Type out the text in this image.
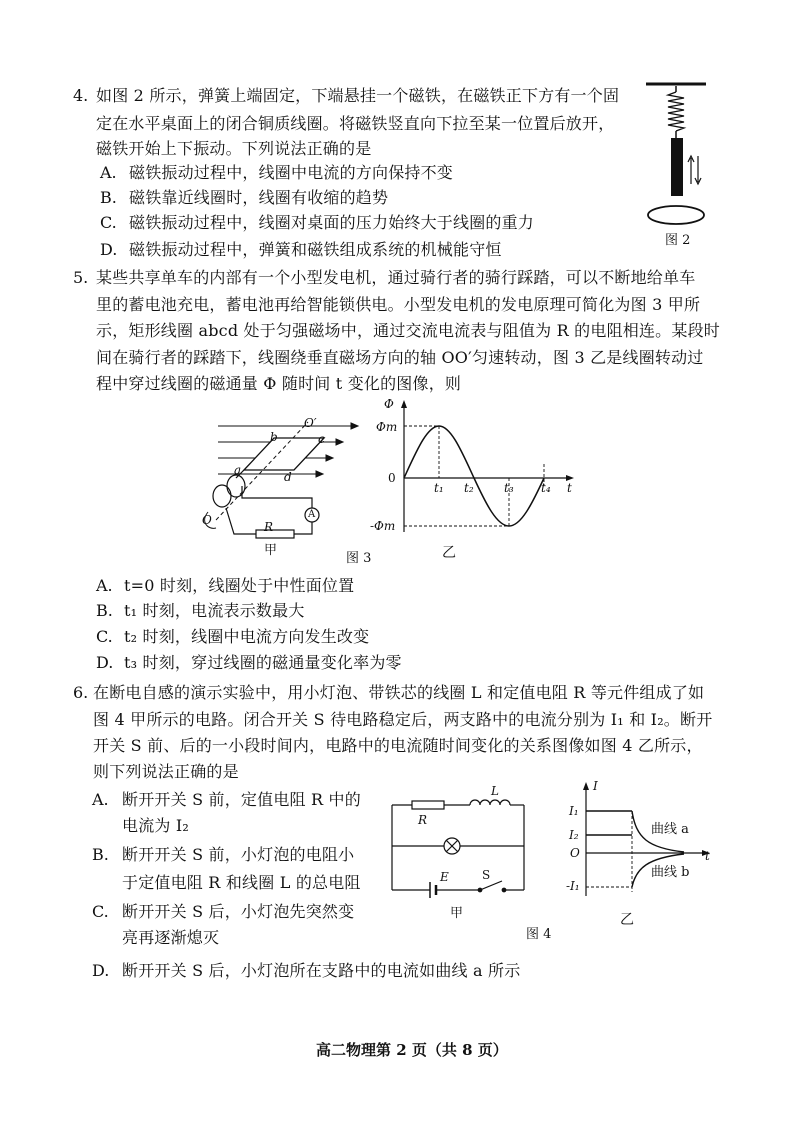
4. 如图 2 所示，弹簧上端固定，下端悬挂一个磁铁，在磁铁正下方有一个固
定在水平桌面上的闭合铜质线圈。将磁铁竖直向下拉至某一位置后放开，
磁铁开始上下振动。下列说法正确的是
A. 磁铁振动过程中，线圈中电流的方向保持不变
B. 磁铁靠近线圈时，线圈有收缩的趋势
C. 磁铁振动过程中，线圈对桌面的压力始终大于线圈的重力
D. 磁铁振动过程中，弹簧和磁铁组成系统的机械能守恒	图 2
5. 某些共享单车的内部有一个小型发电机，通过骑行者的骑行踩踏，可以不断地给单车
里的蓄电池充电，蓄电池再给智能锁供电。小型发电机的发电原理可简化为图 3 甲所
示，矩形线圈 abcd 处于匀强磁场中，通过交流电流表与阻值为 R 的电阻相连。某段时
间在骑行者的踩踏下，线圈绕垂直磁场方向的轴 OO′匀速转动，图 3 乙是线圈转动过
程中穿过线圈的磁通量 Φ 随时间 t 变化的图像，则
O′
b	c
a	d
O	R
A
甲
Φ
Φm
0
t₁ t₂	t₃ t₄ t
-Φm
图 3	乙
A. t=0 时刻，线圈处于中性面位置
B. t₁ 时刻，电流表示数最大
C. t₂ 时刻，线圈中电流方向发生改变
D. t₃ 时刻，穿过线圈的磁通量变化率为零
6. 在断电自感的演示实验中，用小灯泡、带铁芯的线圈 L 和定值电阻 R 等元件组成了如
图 4 甲所示的电路。闭合开关 S 待电路稳定后，两支路中的电流分别为 I₁ 和 I₂。断开
开关 S 前、后的一小段时间内，电路中的电流随时间变化的关系图像如图 4 乙所示，
则下列说法正确的是
A. 断开开关 S 前，定值电阻 R 中的
电流为 I₂
B. 断开开关 S 前，小灯泡的电阻小
于定值电阻 R 和线圈 L 的总电阻
C. 断开开关 S 后，小灯泡先突然变
亮再逐渐熄灭
D. 断开开关 S 后，小灯泡所在支路中的电流如曲线 a 所示
L
R
E	S
甲
图 4
I
I₁
I₂
O	t
-I₁
曲线 a
曲线 b
乙
高二物理第 2 页（共 8 页）
